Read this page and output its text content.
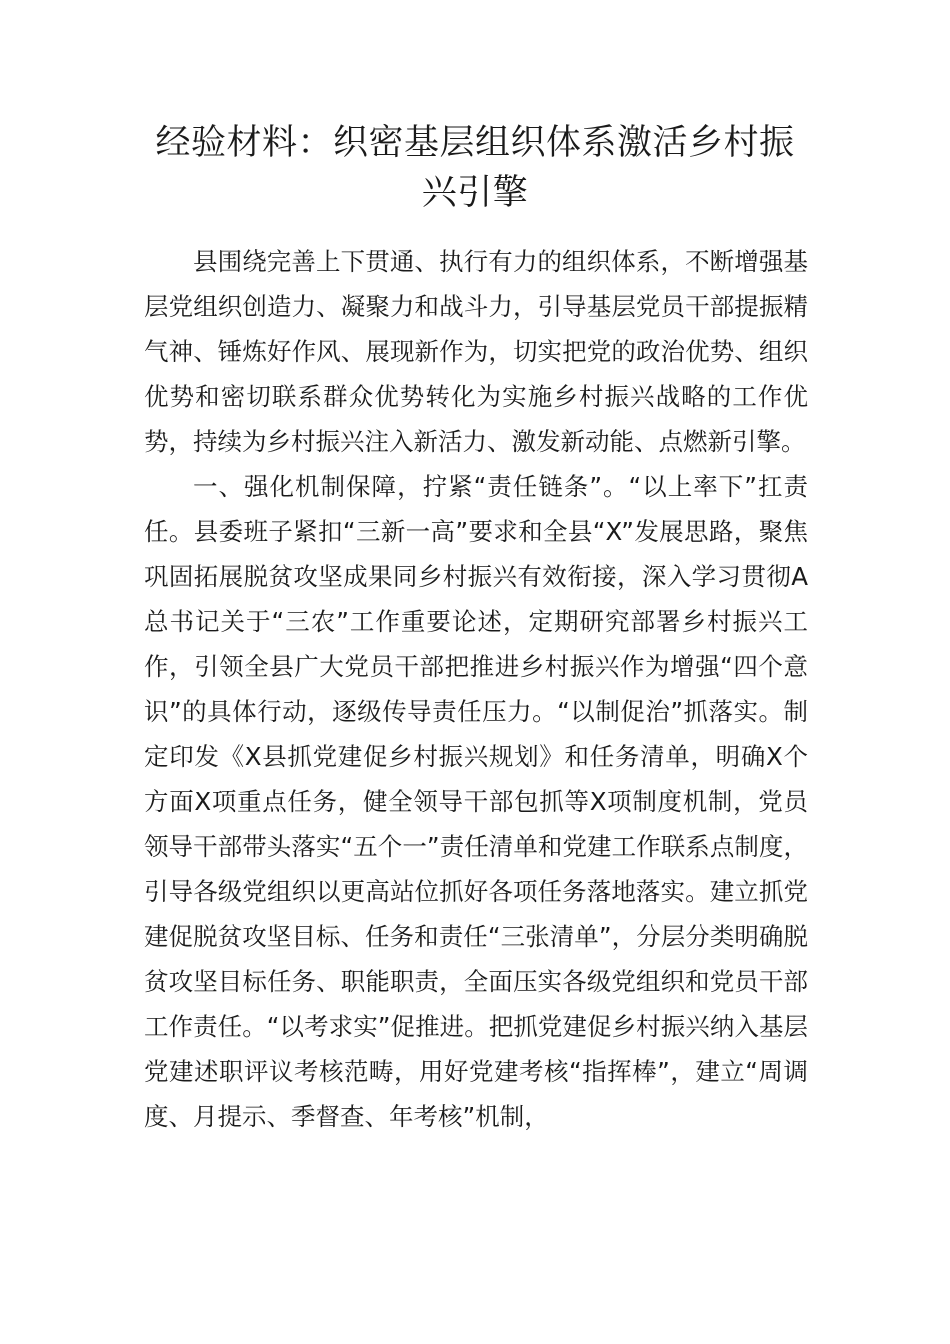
经验材料：织密基层组织体系激活乡村振兴引擎

县围绕完善上下贯通、执行有力的组织体系，不断增强基层党组织创造力、凝聚力和战斗力，引导基层党员干部提振精气神、锤炼好作风、展现新作为，切实把党的政治优势、组织优势和密切联系群众优势转化为实施乡村振兴战略的工作优势，持续为乡村振兴注入新活力、激发新动能、点燃新引擎。

一、强化机制保障，拧紧“责任链条”。“以上率下”扛责任。县委班子紧扣“三新一高”要求和全县“X”发展思路，聚焦巩固拓展脱贫攻坚成果同乡村振兴有效衔接，深入学习贯彻A总书记关于“三农”工作重要论述，定期研究部署乡村振兴工作，引领全县广大党员干部把推进乡村振兴作为增强“四个意识”的具体行动，逐级传导责任压力。“以制促治”抓落实。制定印发《X县抓党建促乡村振兴规划》和任务清单，明确X个方面X项重点任务，健全领导干部包抓等X项制度机制，党员领导干部带头落实“五个一”责任清单和党建工作联系点制度，引导各级党组织以更高站位抓好各项任务落地落实。建立抓党建促脱贫攻坚目标、任务和责任“三张清单”，分层分类明确脱贫攻坚目标任务、职能职责，全面压实各级党组织和党员干部工作责任。“以考求实”促推进。把抓党建促乡村振兴纳入基层党建述职评议考核范畴，用好党建考核“指挥棒”，建立“周调度、月提示、季督查、年考核”机制，
